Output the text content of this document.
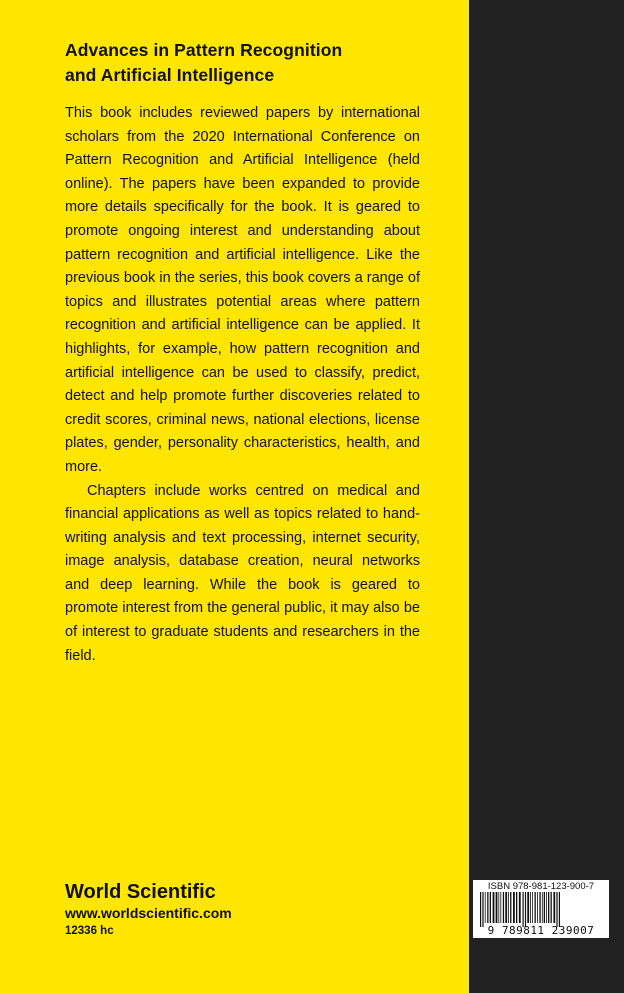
Advances in Pattern Recognition
and Artificial Intelligence

This book includes reviewed papers by international scholars from the 2020 International Conference on Pattern Recognition and Artificial Intelligence (held online). The papers have been expanded to provide more details specifically for the book. It is geared to promote ongoing interest and understanding about pattern recognition and artificial intelligence. Like the previous book in the series, this book covers a range of topics and illustrates potential areas where pattern recognition and artificial intelligence can be applied. It highlights, for example, how pattern recognition and artificial intelligence can be used to classify, predict, detect and help promote further discoveries related to credit scores, criminal news, national elections, license plates, gender, personality characteristics, health, and more.

Chapters include works centred on medical and financial applications as well as topics related to hand-writing analysis and text processing, internet security, image analysis, database creation, neural networks and deep learning. While the book is geared to promote interest from the general public, it may also be of interest to graduate students and researchers in the field.

World Scientific
www.worldscientific.com
12336 hc
ISBN 978-981-123-900-7
9 789811 239007
